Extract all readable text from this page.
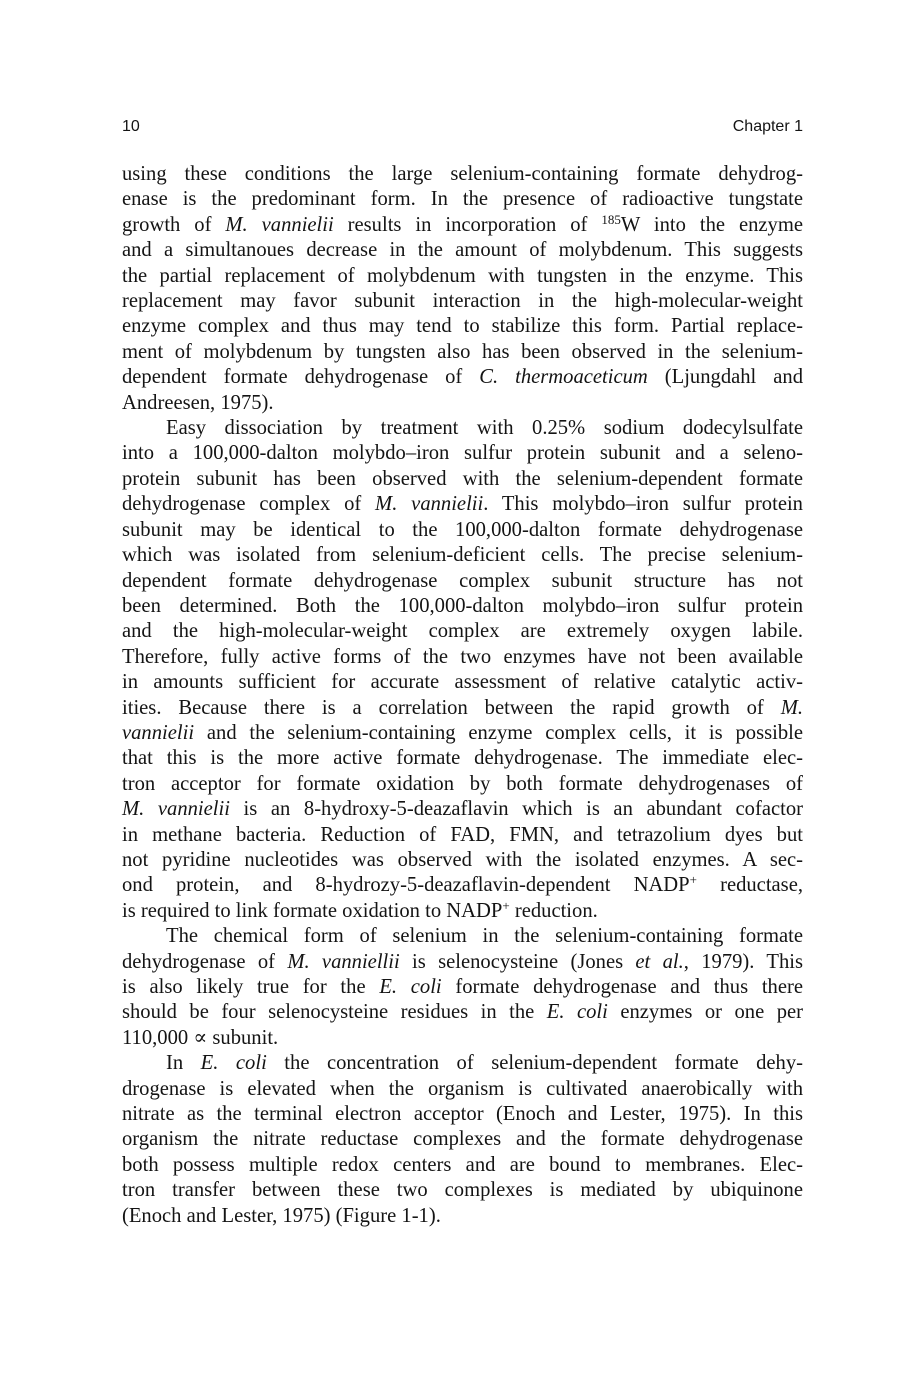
10	Chapter 1

using these conditions the large selenium-containing formate dehydrog-
enase is the predominant form. In the presence of radioactive tungstate
growth of M. vannielii results in incorporation of $^{185}$W into the enzyme
and a simultanoues decrease in the amount of molybdenum. This suggests
the partial replacement of molybdenum with tungsten in the enzyme. This
replacement may favor subunit interaction in the high-molecular-weight
enzyme complex and thus may tend to stabilize this form. Partial replace-
ment of molybdenum by tungsten also has been observed in the selenium-
dependent formate dehydrogenase of C. thermoaceticum (Ljungdahl and
Andreesen, 1975).

Easy dissociation by treatment with 0.25% sodium dodecylsulfate
into a 100,000-dalton molybdo–iron sulfur protein subunit and a seleno-
protein subunit has been observed with the selenium-dependent formate
dehydrogenase complex of M. vannielii. This molybdo–iron sulfur protein
subunit may be identical to the 100,000-dalton formate dehydrogenase
which was isolated from selenium-deficient cells. The precise selenium-
dependent formate dehydrogenase complex subunit structure has not
been determined. Both the 100,000-dalton molybdo–iron sulfur protein
and the high-molecular-weight complex are extremely oxygen labile.
Therefore, fully active forms of the two enzymes have not been available
in amounts sufficient for accurate assessment of relative catalytic activ-
ities. Because there is a correlation between the rapid growth of M.
vannielii and the selenium-containing enzyme complex cells, it is possible
that this is the more active formate dehydrogenase. The immediate elec-
tron acceptor for formate oxidation by both formate dehydrogenases of
M. vannielii is an 8-hydroxy-5-deazaflavin which is an abundant cofactor
in methane bacteria. Reduction of FAD, FMN, and tetrazolium dyes but
not pyridine nucleotides was observed with the isolated enzymes. A sec-
ond protein, and 8-hydrozy-5-deazaflavin-dependent NADP+ reductase,
is required to link formate oxidation to NADP+ reduction.

The chemical form of selenium in the selenium-containing formate
dehydrogenase of M. vanniellii is selenocysteine (Jones et al., 1979). This
is also likely true for the E. coli formate dehydrogenase and thus there
should be four selenocysteine residues in the E. coli enzymes or one per
110,000 ∝ subunit.

In E. coli the concentration of selenium-dependent formate dehy-
drogenase is elevated when the organism is cultivated anaerobically with
nitrate as the terminal electron acceptor (Enoch and Lester, 1975). In this
organism the nitrate reductase complexes and the formate dehydrogenase
both possess multiple redox centers and are bound to membranes. Elec-
tron transfer between these two complexes is mediated by ubiquinone
(Enoch and Lester, 1975) (Figure 1-1).
